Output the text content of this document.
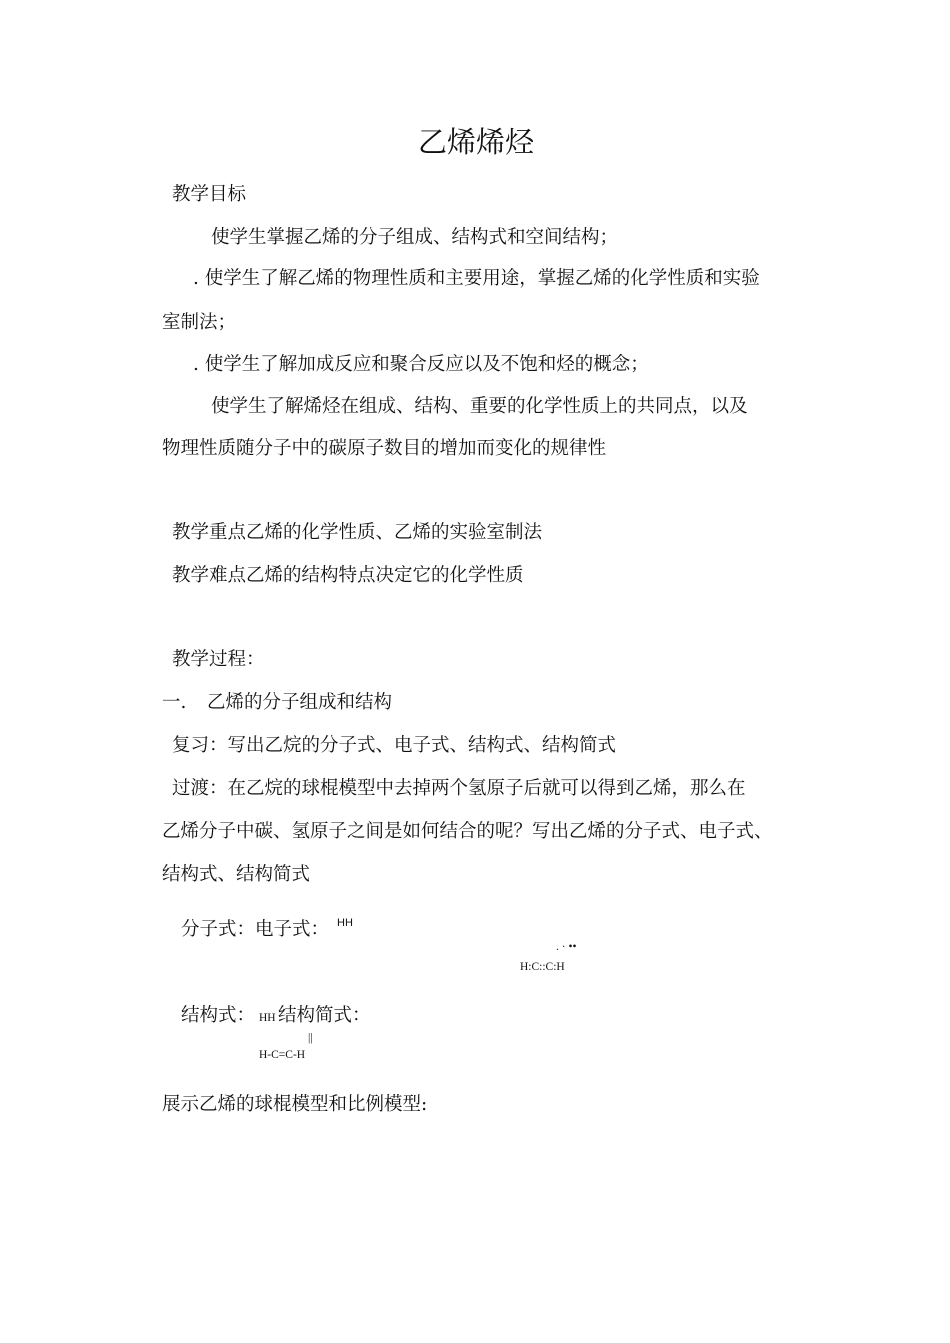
乙烯烯烃
教学目标
使学生掌握乙烯的分子组成、结构式和空间结构；
. 使学生了解乙烯的物理性质和主要用途，掌握乙烯的化学性质和实验
室制法；
. 使学生了解加成反应和聚合反应以及不饱和烃的概念；
使学生了解烯烃在组成、结构、重要的化学性质上的共同点，以及
物理性质随分子中的碳原子数目的增加而变化的规律性
教学重点乙烯的化学性质、乙烯的实验室制法
教学难点乙烯的结构特点决定它的化学性质
教学过程：
一. 乙烯的分子组成和结构
复习：写出乙烷的分子式、电子式、结构式、结构简式
过渡：在乙烷的球棍模型中去掉两个氢原子后就可以得到乙烯，那么在
乙烯分子中碳、氢原子之间是如何结合的呢？写出乙烯的分子式、电子式、
结构式、结构简式
分子式：电子式： HH
. · ••
H:C::C:H
结构式： HH 结构简式：
||
H-C=C-H
展示乙烯的球棍模型和比例模型:
